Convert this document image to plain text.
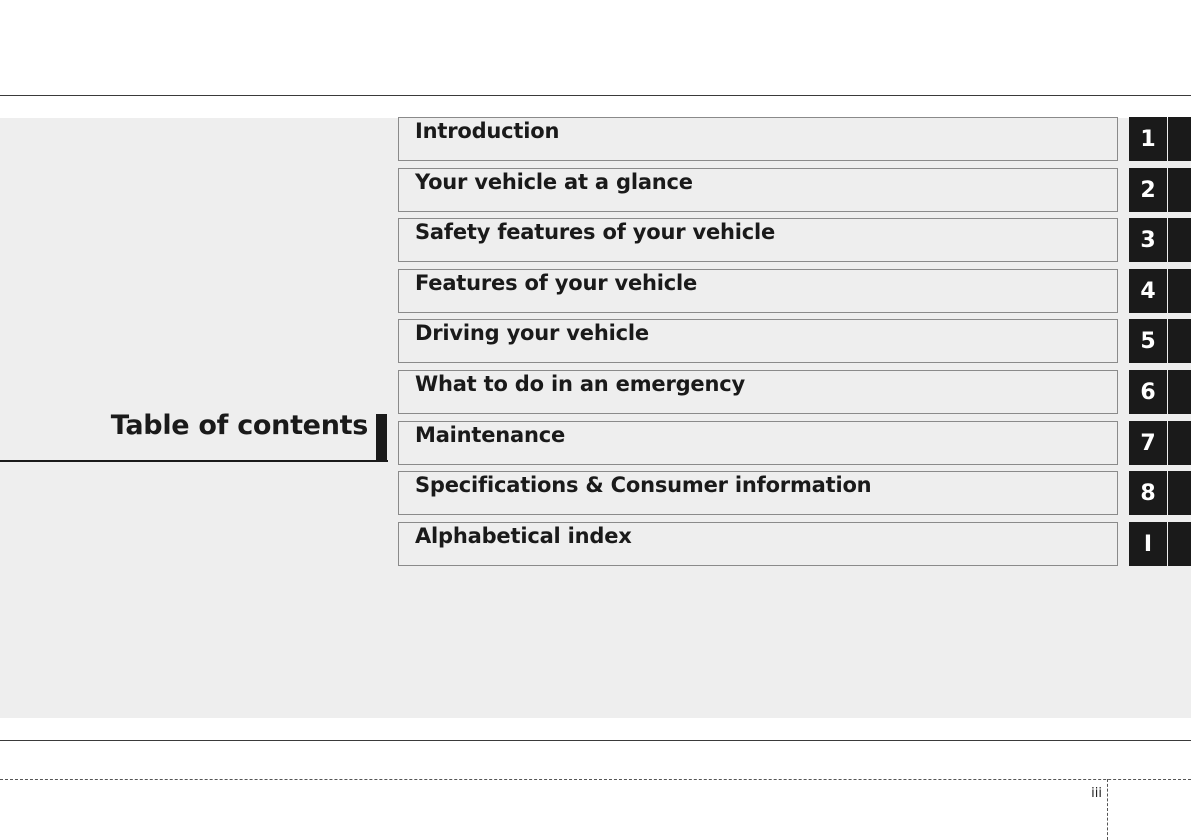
Table of contents
Introduction	1
Your vehicle at a glance	2
Safety features of your vehicle	3
Features of your vehicle	4
Driving your vehicle	5
What to do in an emergency	6
Maintenance	7
Specifications & Consumer information	8
Alphabetical index	I
iii
